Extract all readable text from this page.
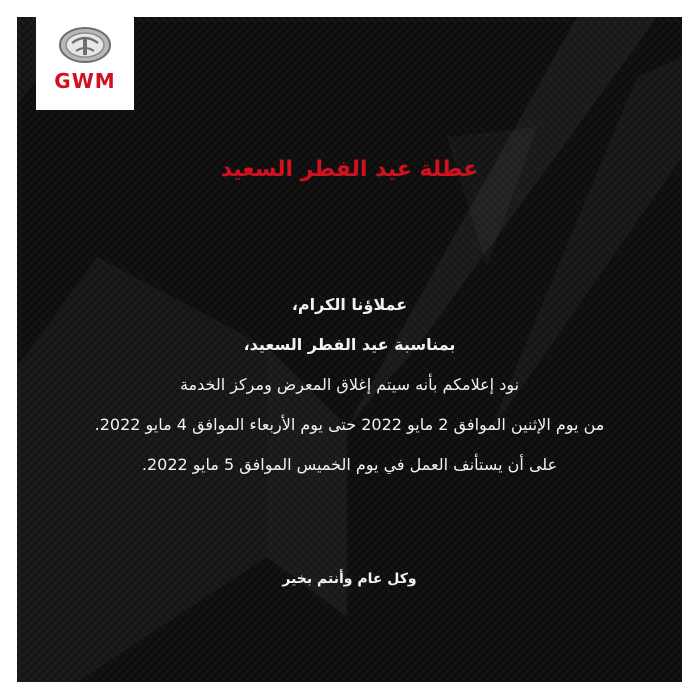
GWM
عطلة عيد الفطر السعيد
عملاؤنا الكرام،
بمناسبة عيد الفطر السعيد،
نود إعلامكم بأنه سيتم إغلاق المعرض ومركز الخدمة
من يوم الإثنين الموافق 2 مايو 2022 حتى يوم الأربعاء الموافق 4 مايو 2022.
على أن يستأنف العمل في يوم الخميس الموافق 5 مايو 2022.
وكل عام وأنتم بخير
